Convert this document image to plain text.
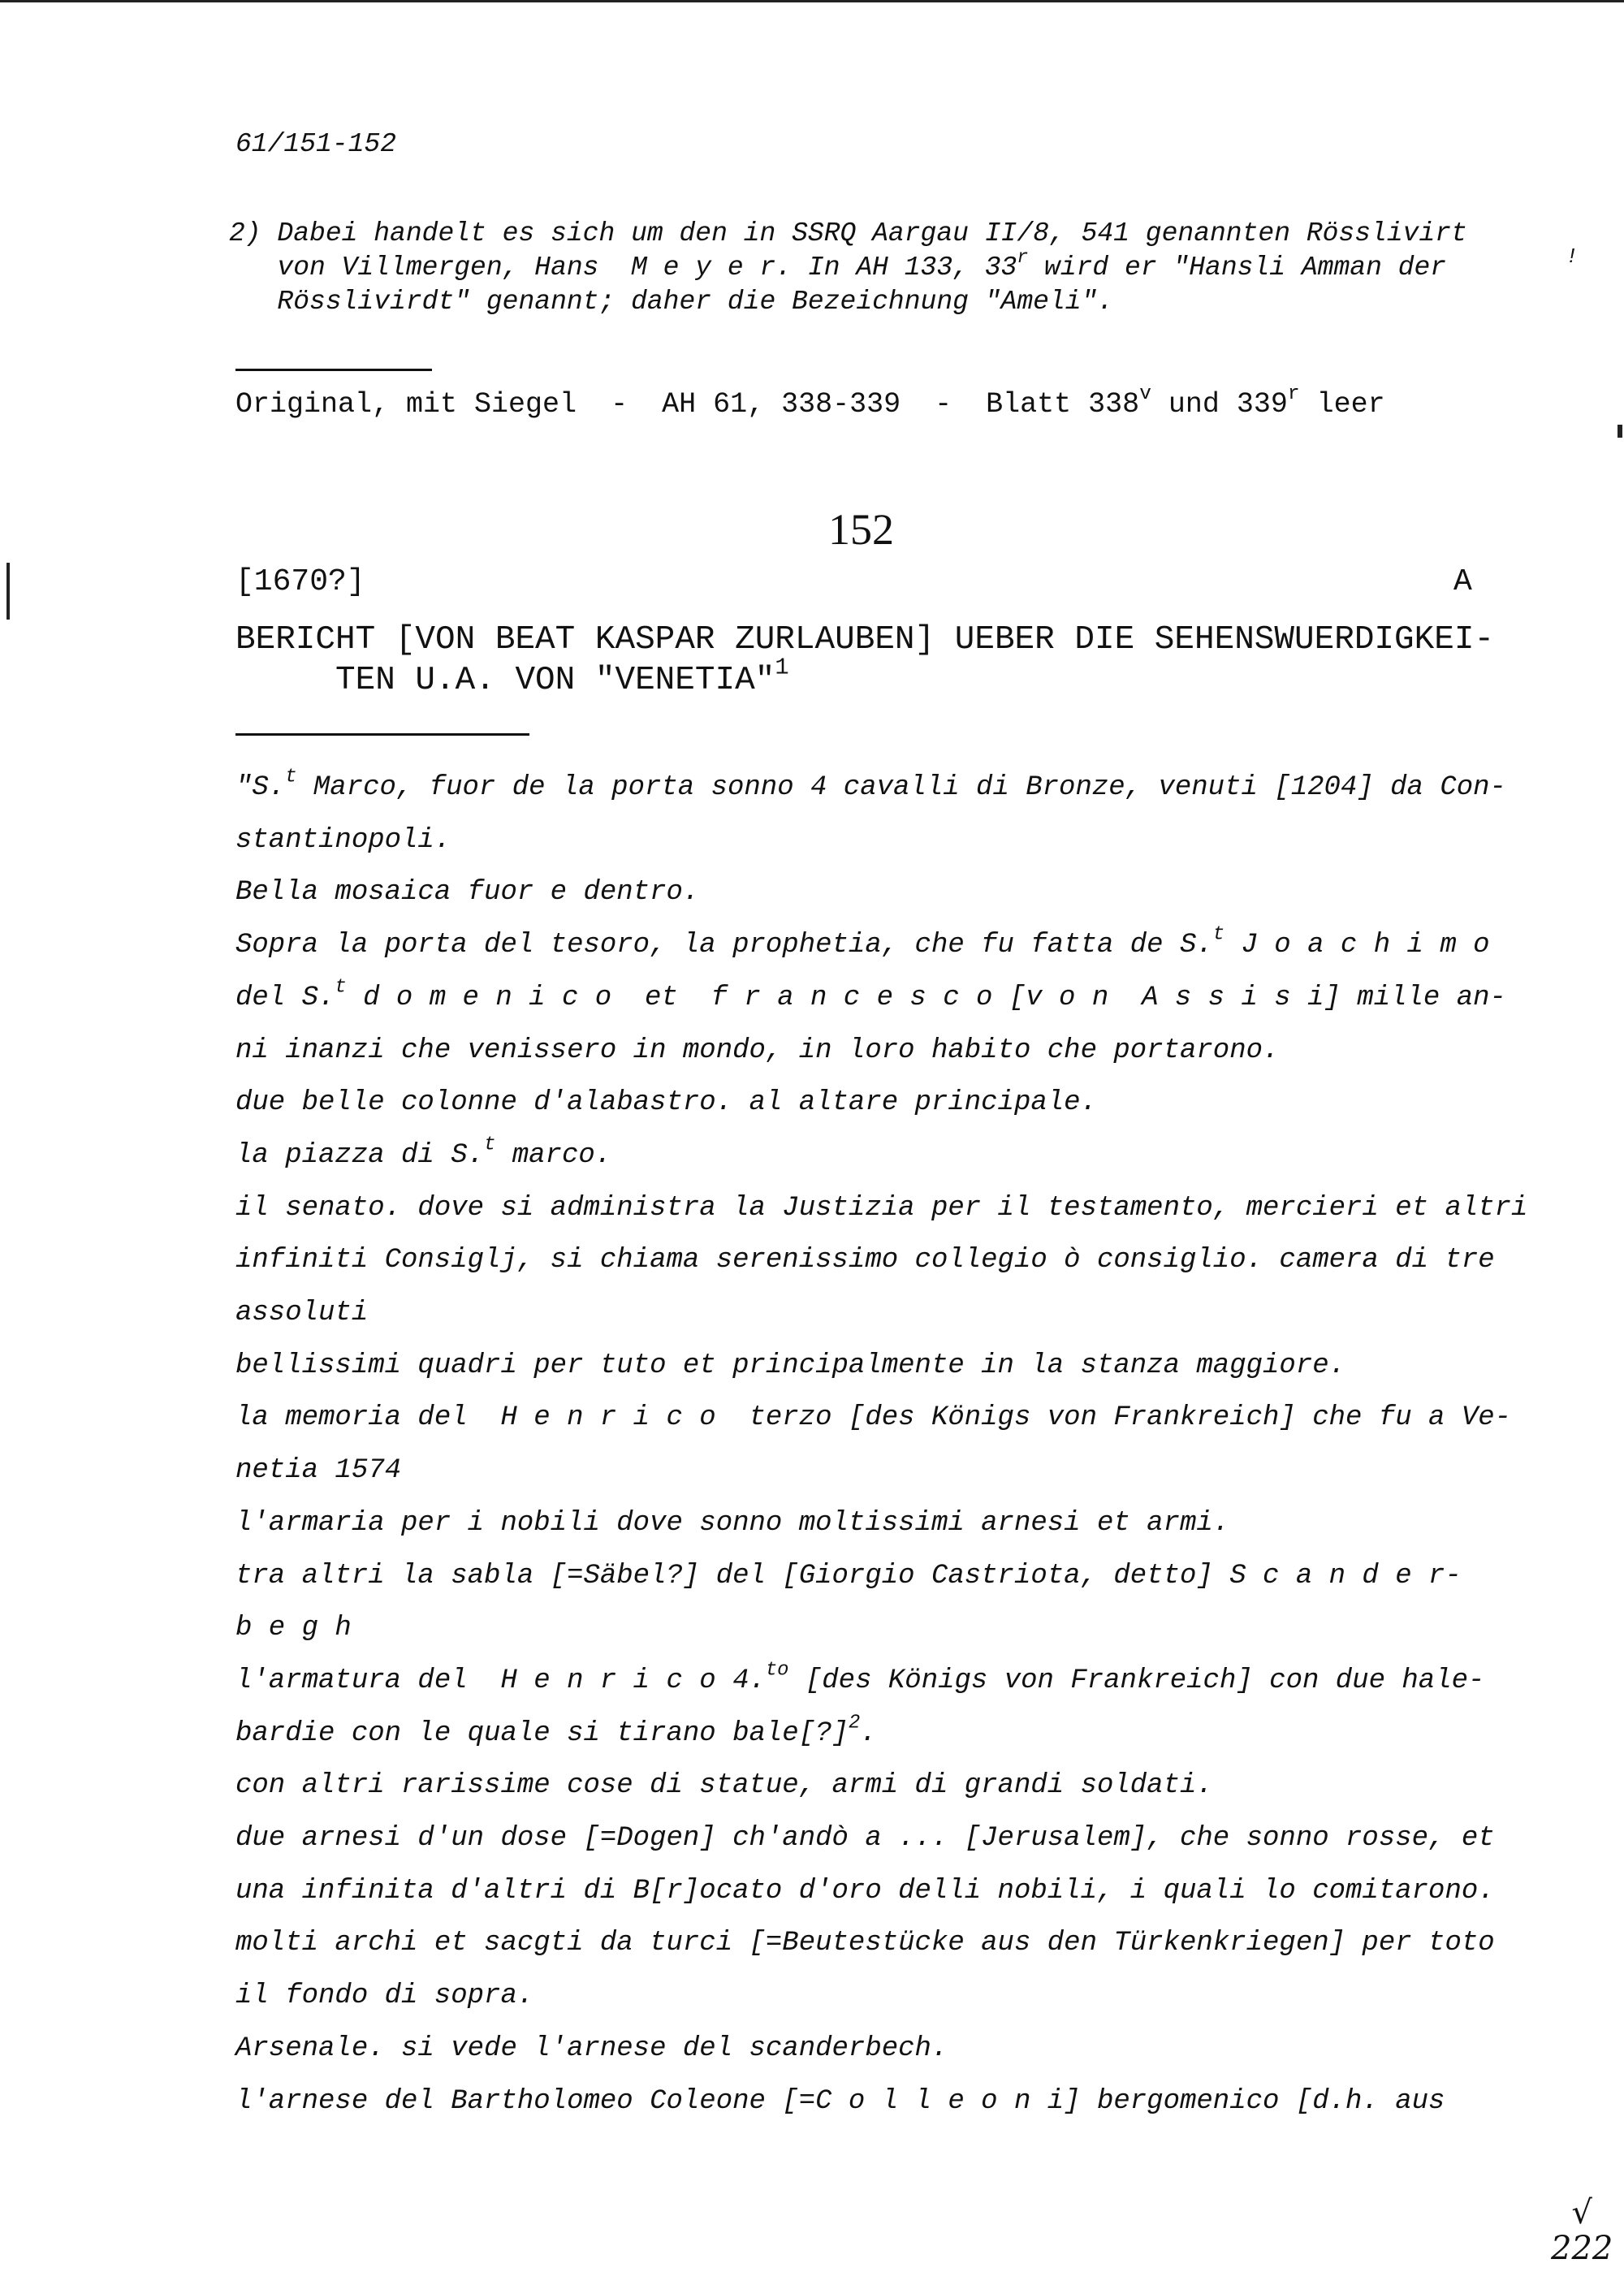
61/151-152
2) Dabei handelt es sich um den in SSRQ Aargau II/8, 541 genannten Rösslivirt
von Villmergen, Hans  M e y e r. In AH 133, 33$^r$ wird er "Hansli Amman der
Rösslivirdt" genannt; daher die Bezeichnung "Ameli".
!
Original, mit Siegel  -  AH 61, 338-339  -  Blatt 338$^v$ und 339$^r$ leer
152
[1670?]	A
BERICHT [VON BEAT KASPAR ZURLAUBEN] UEBER DIE SEHENSWUERDIGKEI-
TEN U.A. VON "VENETIA"$^1$
"S.$^t$ Marco, fuor de la porta sonno 4 cavalli di Bronze, venuti [1204] da Con-
stantinopoli.
Bella mosaica fuor e dentro.
Sopra la porta del tesoro, la prophetia, che fu fatta de S.$^t$ J o a c h i m o
del S.$^t$ d o m e n i c o  et  f r a n c e s c o [v o n  A s s i s i] mille an-
ni inanzi che venissero in mondo, in loro habito che portarono.
due belle colonne d'alabastro. al altare principale.
la piazza di S.$^t$ marco.
il senato. dove si administra la Justizia per il testamento, mercieri et altri
infiniti Consiglj, si chiama serenissimo collegio ò consiglio. camera di tre
assoluti
bellissimi quadri per tuto et principalmente in la stanza maggiore.
la memoria del  H e n r i c o  terzo [des Königs von Frankreich] che fu a Ve-
netia 1574
l'armaria per i nobili dove sonno moltissimi arnesi et armi.
tra altri la sabla [=Säbel?] del [Giorgio Castriota, detto] S c a n d e r-
b e g h
l'armatura del  H e n r i c o 4.$^{to}$ [des Königs von Frankreich] con due hale-
bardie con le quale si tirano bale[?]$^2$.
con altri rarissime cose di statue, armi di grandi soldati.
due arnesi d'un dose [=Dogen] ch'andò a ... [Jerusalem], che sonno rosse, et
una infinita d'altri di B[r]ocato d'oro delli nobili, i quali lo comitarono.
molti archi et sacgti da turci [=Beutestücke aus den Türkenkriegen] per toto
il fondo di sopra.
Arsenale. si vede l'arnese del scanderbech.
l'arnese del Bartholomeo Coleone [=C o l l e o n i] bergomenico [d.h. aus
√
222
